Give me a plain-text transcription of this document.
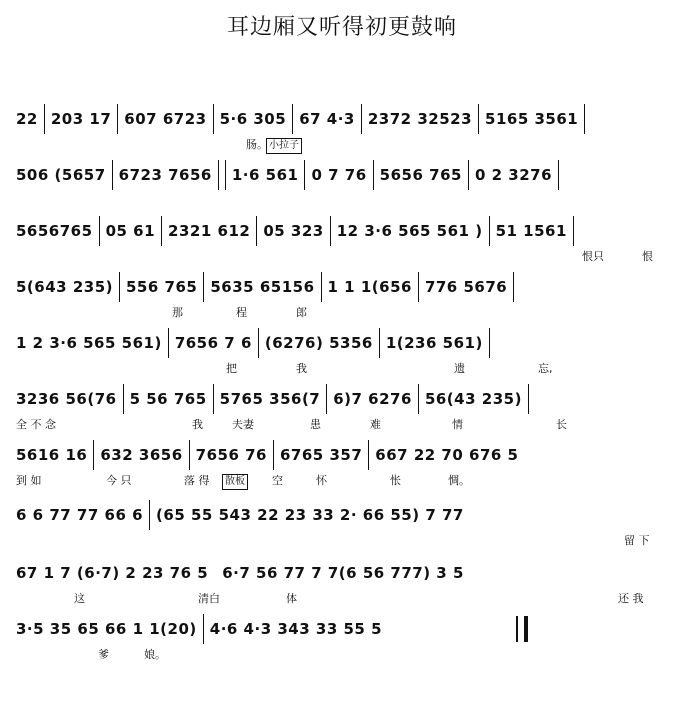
耳边厢又听得初更鼓响
22 203 17 607 6723 5·6 305 67 4·3 2372 32523 5165 3561
肠。 小拉子
506 (5657 6723 7656 1·6 561 0 7 76 5656 765 0 2 3276
5656765 05 61 2321 612 05 323 12 3·6 565 561 ) 51 1561
恨只	恨
5(643 235) 556 765 5635 65156 1 1 1(656 776 5676
那	程	郎
1 2 3·6 565 561) 7656 7 6 (6276) 5356 1(236 561)
把	我	遗	忘,
3236 56(76 5 56 765 5765 356(7 6)7 6276 56(43 235)
全 不 念	我	夫妻	患	难	情	长
5616 16 632 3656 7656 76 6765 357 667 22 70 676 5
到 如	今 只	落 得	空	怀	怅	惆。
散板
6 6 77 77 66 6 (65 55 543 22 23 33 2· 66 55) 7 77
留 下
67 1 7 (6·7) 2 23 76 5 6·7 56 77 7 7(6 56 777) 3 5
这	清白	体	还 我
3·5 35 65 66 1 1(20) 4·6 4·3 343 33 55 5
爹	娘。
